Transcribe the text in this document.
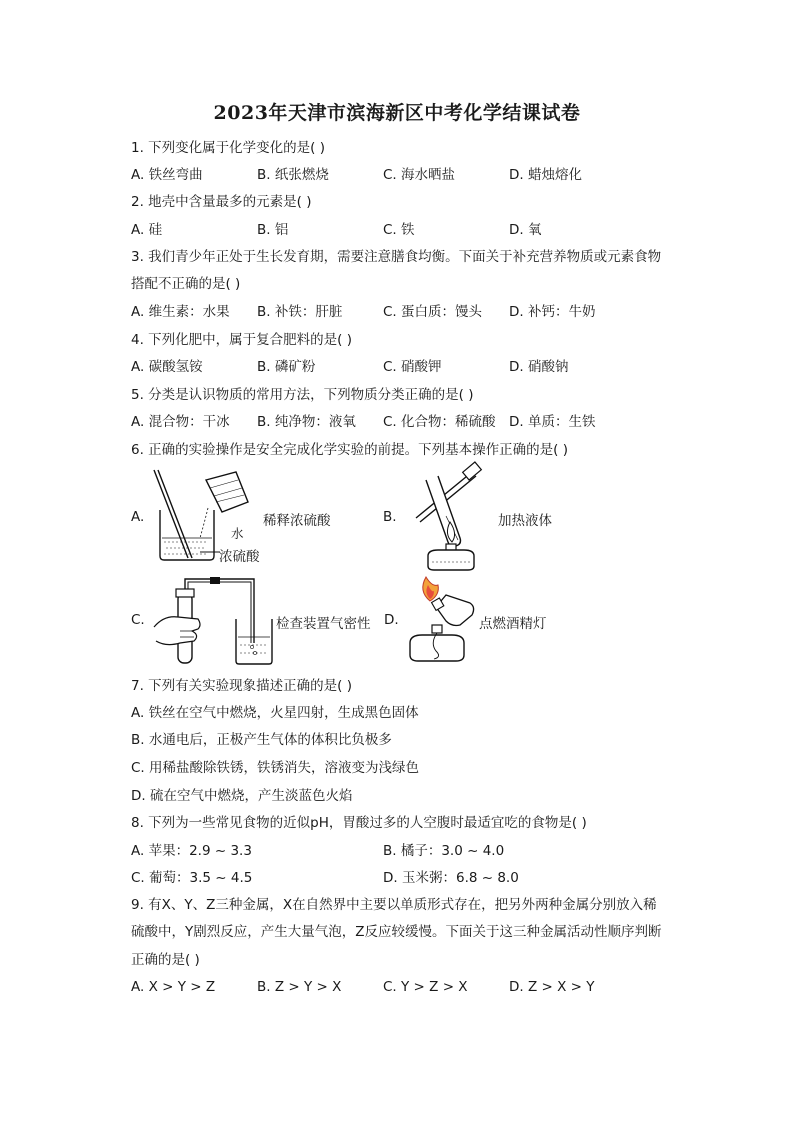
2023年天津市滨海新区中考化学结课试卷
1. 下列变化属于化学变化的是( )
A. 铁丝弯曲	B. 纸张燃烧	C. 海水晒盐	D. 蜡烛熔化
2. 地壳中含量最多的元素是( )
A. 硅	B. 铝	C. 铁	D. 氧
3. 我们青少年正处于生长发育期，需要注意膳食均衡。下面关于补充营养物质或元素食物
搭配不正确的是( )
A. 维生素：水果 B. 补铁：肝脏	C. 蛋白质：馒头 D. 补钙：牛奶
4. 下列化肥中，属于复合肥料的是( )
A. 碳酸氢铵	B. 磷矿粉	C. 硝酸钾	D. 硝酸钠
5. 分类是认识物质的常用方法，下列物质分类正确的是( )
A. 混合物：干冰 B. 纯净物：液氧 C. 化合物：稀硫酸 D. 单质：生铁
6. 正确的实验操作是安全完成化学实验的前提。下列基本操作正确的是( )
A.
水
浓硫酸
稀释浓硫酸	B.	加热液体
C.	检查装置气密性 D.	点燃酒精灯
7. 下列有关实验现象描述正确的是( )
A. 铁丝在空气中燃烧，火星四射，生成黑色固体
B. 水通电后，正极产生气体的体积比负极多
C. 用稀盐酸除铁锈，铁锈消失，溶液变为浅绿色
D. 硫在空气中燃烧，产生淡蓝色火焰
8. 下列为一些常见食物的近似pH，胃酸过多的人空腹时最适宜吃的食物是( )
A. 苹果：2.9 ~ 3.3	B. 橘子：3.0 ~ 4.0
C. 葡萄：3.5 ~ 4.5	D. 玉米粥：6.8 ~ 8.0
9. 有X、Y、Z三种金属，X在自然界中主要以单质形式存在，把另外两种金属分别放入稀
硫酸中，Y剧烈反应，产生大量气泡，Z反应较缓慢。下面关于这三种金属活动性顺序判断
正确的是( )
A. X > Y > Z	B. Z > Y > X	C. Y > Z > X	D. Z > X > Y
